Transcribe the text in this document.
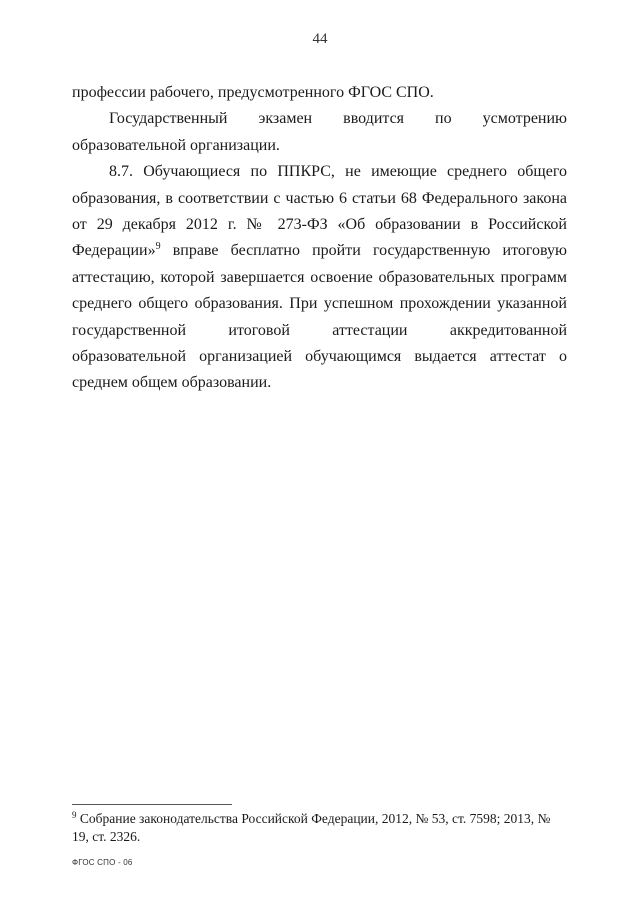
44

профессии рабочего, предусмотренного ФГОС СПО.

Государственный экзамен вводится по усмотрению образовательной организации.

8.7. Обучающиеся по ППКРС, не имеющие среднего общего образования, в соответствии с частью 6 статьи 68 Федерального закона от 29 декабря 2012 г. № 273-ФЗ «Об образовании в Российской Федерации»$^9$ вправе бесплатно пройти государственную итоговую аттестацию, которой завершается освоение образовательных программ среднего общего образования. При успешном прохождении указанной государственной итоговой аттестации аккредитованной образовательной организацией обучающимся выдается аттестат о среднем общем образовании.

$^9$ Собрание законодательства Российской Федерации, 2012, № 53, ст. 7598; 2013, № 19, ст. 2326.

ФГОС СПО - 06
